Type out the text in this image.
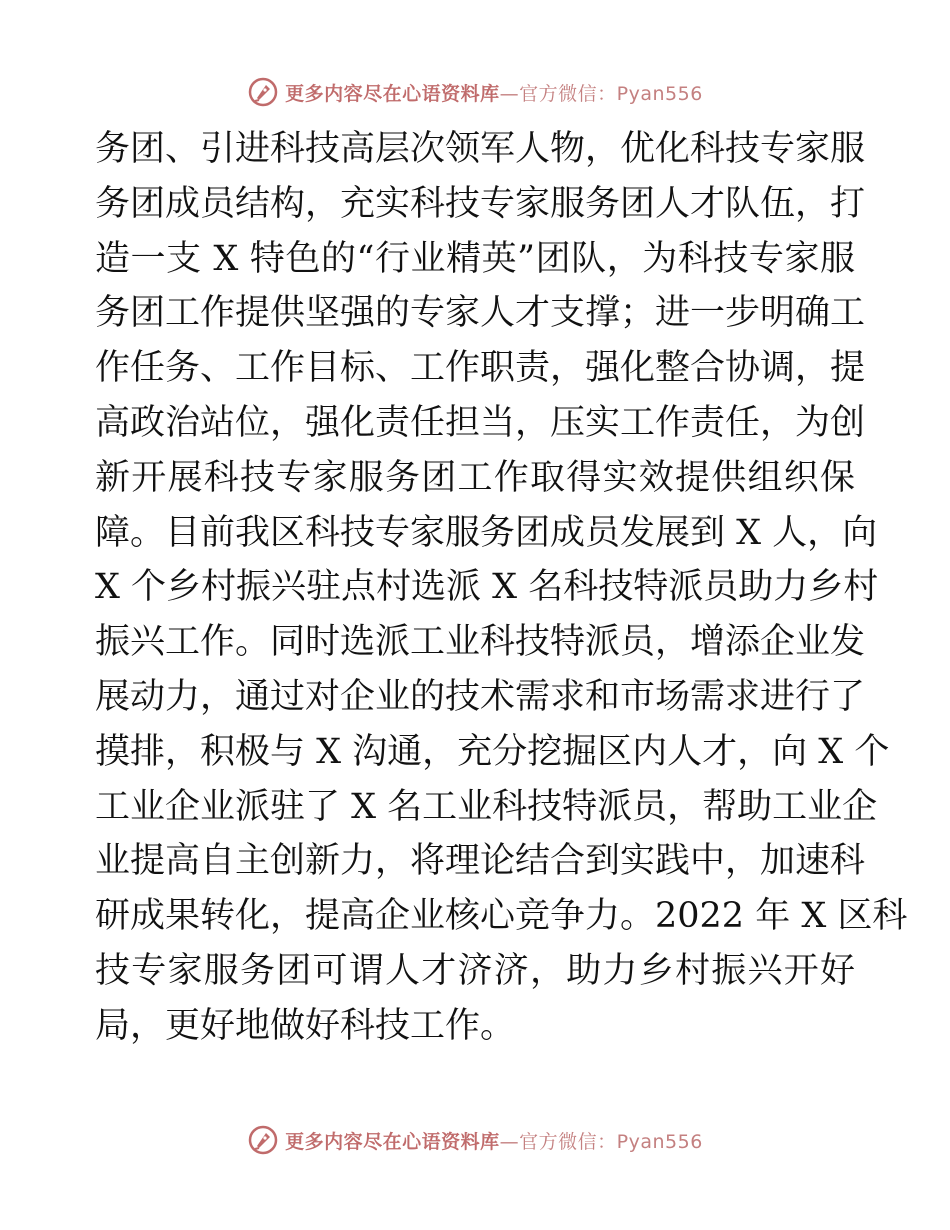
更多内容尽在心语资料库—官方微信：Pyan556
务团、引进科技高层次领军人物，优化科技专家服
务团成员结构，充实科技专家服务团人才队伍，打
造一支 X 特色的“行业精英”团队，为科技专家服
务团工作提供坚强的专家人才支撑；进一步明确工
作任务、工作目标、工作职责，强化整合协调，提
高政治站位，强化责任担当，压实工作责任，为创
新开展科技专家服务团工作取得实效提供组织保
障。目前我区科技专家服务团成员发展到 X 人，向
X 个乡村振兴驻点村选派 X 名科技特派员助力乡村
振兴工作。同时选派工业科技特派员，增添企业发
展动力，通过对企业的技术需求和市场需求进行了
摸排，积极与 X 沟通，充分挖掘区内人才，向 X 个
工业企业派驻了 X 名工业科技特派员，帮助工业企
业提高自主创新力，将理论结合到实践中，加速科
研成果转化，提高企业核心竞争力。2022 年 X 区科
技专家服务团可谓人才济济，助力乡村振兴开好
局，更好地做好科技工作。
更多内容尽在心语资料库—官方微信：Pyan556
